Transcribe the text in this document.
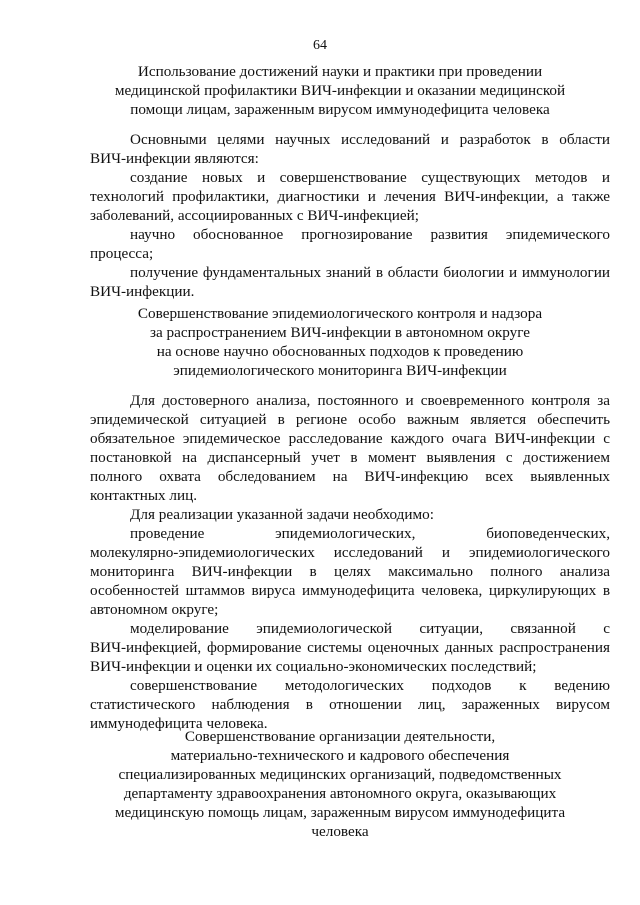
64
Использование достижений науки и практики при проведении
медицинской профилактики ВИЧ-инфекции и оказании медицинской
помощи лицам, зараженным вирусом иммунодефицита человека
Основными целями научных исследований и разработок в области
ВИЧ-инфекции являются:
создание новых и совершенствование существующих методов и
технологий профилактики, диагностики и лечения ВИЧ-инфекции, а также
заболеваний, ассоциированных с ВИЧ-инфекцией;
научно обоснованное прогнозирование развития эпидемического
процесса;
получение фундаментальных знаний в области биологии и иммунологии
ВИЧ-инфекции.
Совершенствование эпидемиологического контроля и надзора
за распространением ВИЧ-инфекции в автономном округе
на основе научно обоснованных подходов к проведению
эпидемиологического мониторинга ВИЧ-инфекции
Для достоверного анализа, постоянного и своевременного контроля за
эпидемической ситуацией в регионе особо важным является обеспечить
обязательное эпидемическое расследование каждого очага ВИЧ-инфекции с
постановкой на диспансерный учет в момент выявления с достижением
полного охвата обследованием на ВИЧ-инфекцию всех выявленных
контактных лиц.
Для реализации указанной задачи необходимо:
проведение эпидемиологических, биоповеденческих,
молекулярно-эпидемиологических исследований и эпидемиологического
мониторинга ВИЧ-инфекции в целях максимально полного анализа
особенностей штаммов вируса иммунодефицита человека, циркулирующих в
автономном округе;
моделирование эпидемиологической ситуации, связанной с
ВИЧ-инфекцией, формирование системы оценочных данных распространения
ВИЧ-инфекции и оценки их социально-экономических последствий;
совершенствование методологических подходов к ведению
статистического наблюдения в отношении лиц, зараженных вирусом
иммунодефицита человека.
Совершенствование организации деятельности,
материально-технического и кадрового обеспечения
специализированных медицинских организаций, подведомственных
департаменту здравоохранения автономного округа, оказывающих
медицинскую помощь лицам, зараженным вирусом иммунодефицита
человека
